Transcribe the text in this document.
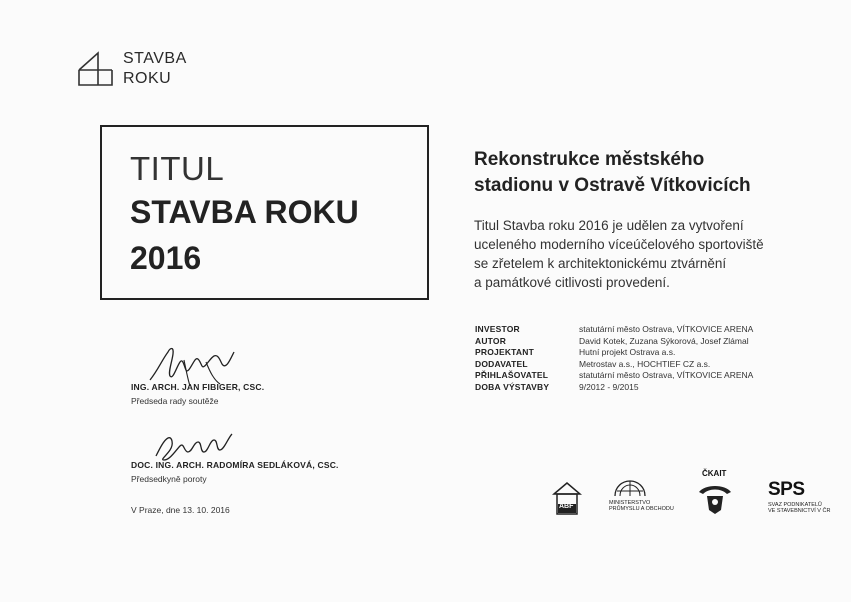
STAVBA
ROKU
TITUL
STAVBA ROKU
2016
Rekonstrukce městského
stadionu v Ostravě Vítkovicích
Titul Stavba roku 2016 je udělen za vytvoření
uceleného moderního víceúčelového sportoviště
se zřetelem k architektonickému ztvárnění
a památkové citlivosti provedení.
INVESTOR	statutární město Ostrava, VÍTKOVICE ARENA
AUTOR	David Kotek, Zuzana Sýkorová, Josef Zlámal
PROJEKTANT	Hutní projekt Ostrava a.s.
DODAVATEL	Metrostav a.s., HOCHTIEF CZ a.s.
PŘIHLAŠOVATEL	statutární město Ostrava, VÍTKOVICE ARENA
DOBA VÝSTAVBY	9/2012 - 9/2015
ING. ARCH. JAN FIBIGER, CSC.
Předseda rady soutěže
DOC. ING. ARCH. RADOMÍRA SEDLÁKOVÁ, CSC.
Předsedkyně poroty
V Praze, dne 13. 10. 2016	ABF	MINISTERSTVO
PRŮMYSLU A OBCHODU
ČKAIT
SPS
SVAZ PODNIKATELŮ
VE STAVEBNICTVÍ V ČR
